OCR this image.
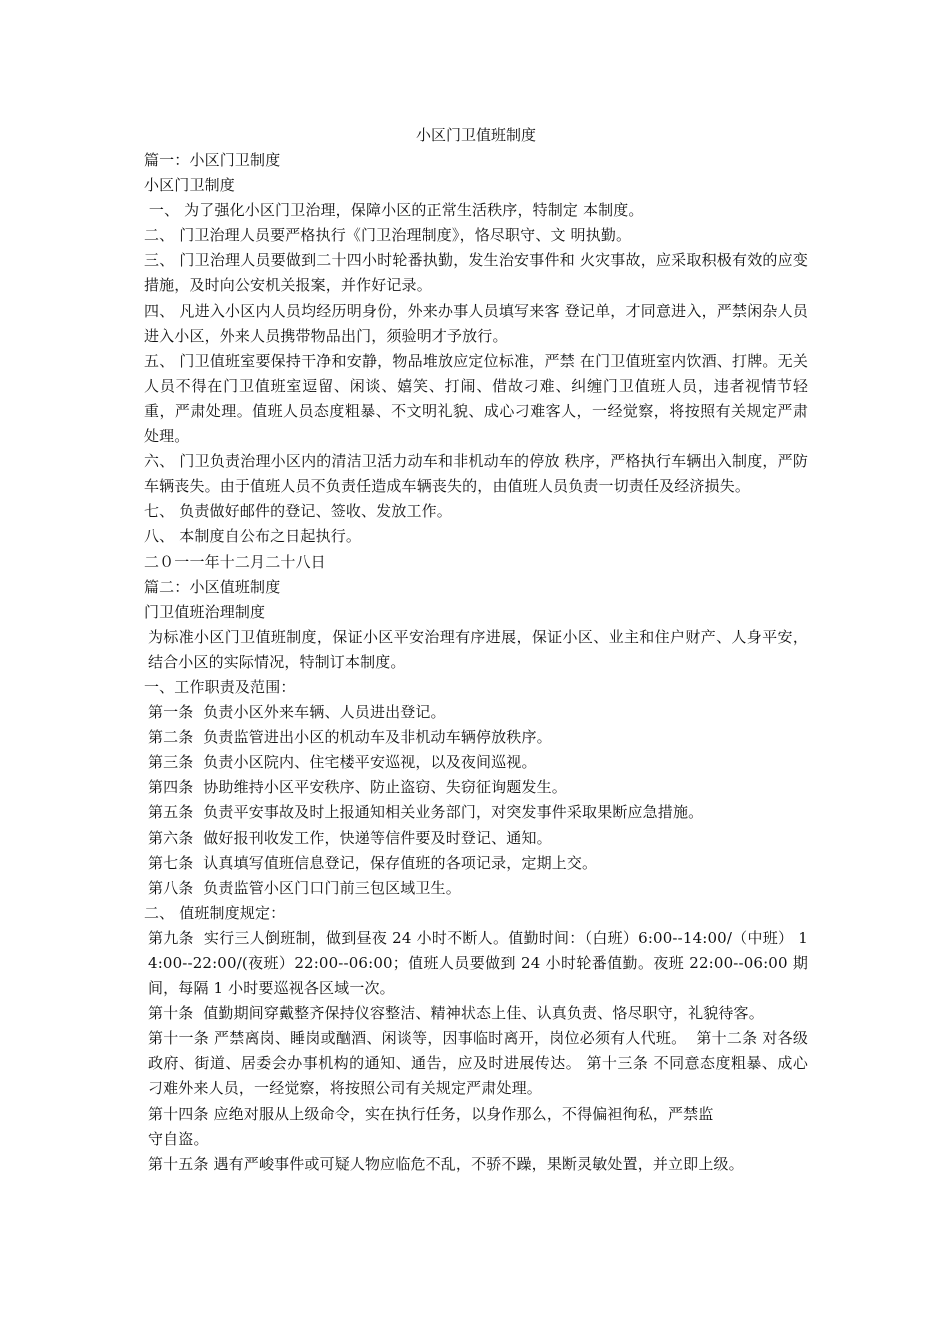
小区门卫值班制度

篇一：小区门卫制度

小区门卫制度

一、 为了强化小区门卫治理，保障小区的正常生活秩序，特制定 本制度。

二、 门卫治理人员要严格执行《门卫治理制度》，恪尽职守、文 明执勤。

三、 门卫治理人员要做到二十四小时轮番执勤，发生治安事件和 火灾事故，应采取积极有效的应变措施，及时向公安机关报案，并作好记录。

四、 凡进入小区内人员均经历明身份，外来办事人员填写来客 登记单，才同意进入，严禁闲杂人员进入小区，外来人员携带物品出门，须验明才予放行。

五、 门卫值班室要保持干净和安静，物品堆放应定位标准，严禁 在门卫值班室内饮酒、打牌。无关人员不得在门卫值班室逗留、闲谈、嬉笑、打闹、借故刁难、纠缠门卫值班人员，违者视情节轻重，严肃处理。值班人员态度粗暴、不文明礼貌、成心刁难客人，一经觉察，将按照有关规定严肃处理。

六、 门卫负责治理小区内的清洁卫活力动车和非机动车的停放 秩序，严格执行车辆出入制度，严防车辆丧失。由于值班人员不负责任造成车辆丧失的，由值班人员负责一切责任及经济损失。

七、 负责做好邮件的登记、签收、发放工作。

八、 本制度自公布之日起执行。

二０一一年十二月二十八日

篇二：小区值班制度

门卫值班治理制度

为标准小区门卫值班制度，保证小区平安治理有序进展，保证小区、业主和住户财产、人身平安，结合小区的实际情况，特制订本制度。

一、工作职责及范围：

第一条  负责小区外来车辆、人员进出登记。

第二条  负责监管进出小区的机动车及非机动车辆停放秩序。

第三条  负责小区院内、住宅楼平安巡视，以及夜间巡视。

第四条  协助维持小区平安秩序、防止盗窃、失窃征询题发生。

第五条  负责平安事故及时上报通知相关业务部门，对突发事件采取果断应急措施。

第六条  做好报刊收发工作，快递等信件要及时登记、通知。

第七条  认真填写值班信息登记，保存值班的各项记录，定期上交。

第八条  负责监管小区门口门前三包区域卫生。

二、 值班制度规定：

第九条  实行三人倒班制，做到昼夜 24 小时不断人。值勤时间：（白班）6:00--14:00/（中班） 14:00--22:00/(夜班）22:00--06:00；值班人员要做到 24 小时轮番值勤。夜班 22:00--06:00 期间，每隔 1 小时要巡视各区域一次。

第十条  值勤期间穿戴整齐保持仪容整洁、精神状态上佳、认真负责、恪尽职守，礼貌待客。

第十一条 严禁离岗、睡岗或酗酒、闲谈等，因事临时离开，岗位必须有人代班。  第十二条 对各级政府、街道、居委会办事机构的通知、通告，应及时进展传达。 第十三条 不同意态度粗暴、成心刁难外来人员，一经觉察，将按照公司有关规定严肃处理。

第十四条 应绝对服从上级命令，实在执行任务，以身作那么，不得偏袒徇私，严禁监

守自盗。

第十五条 遇有严峻事件或可疑人物应临危不乱，不骄不躁，果断灵敏处置，并立即上级。
